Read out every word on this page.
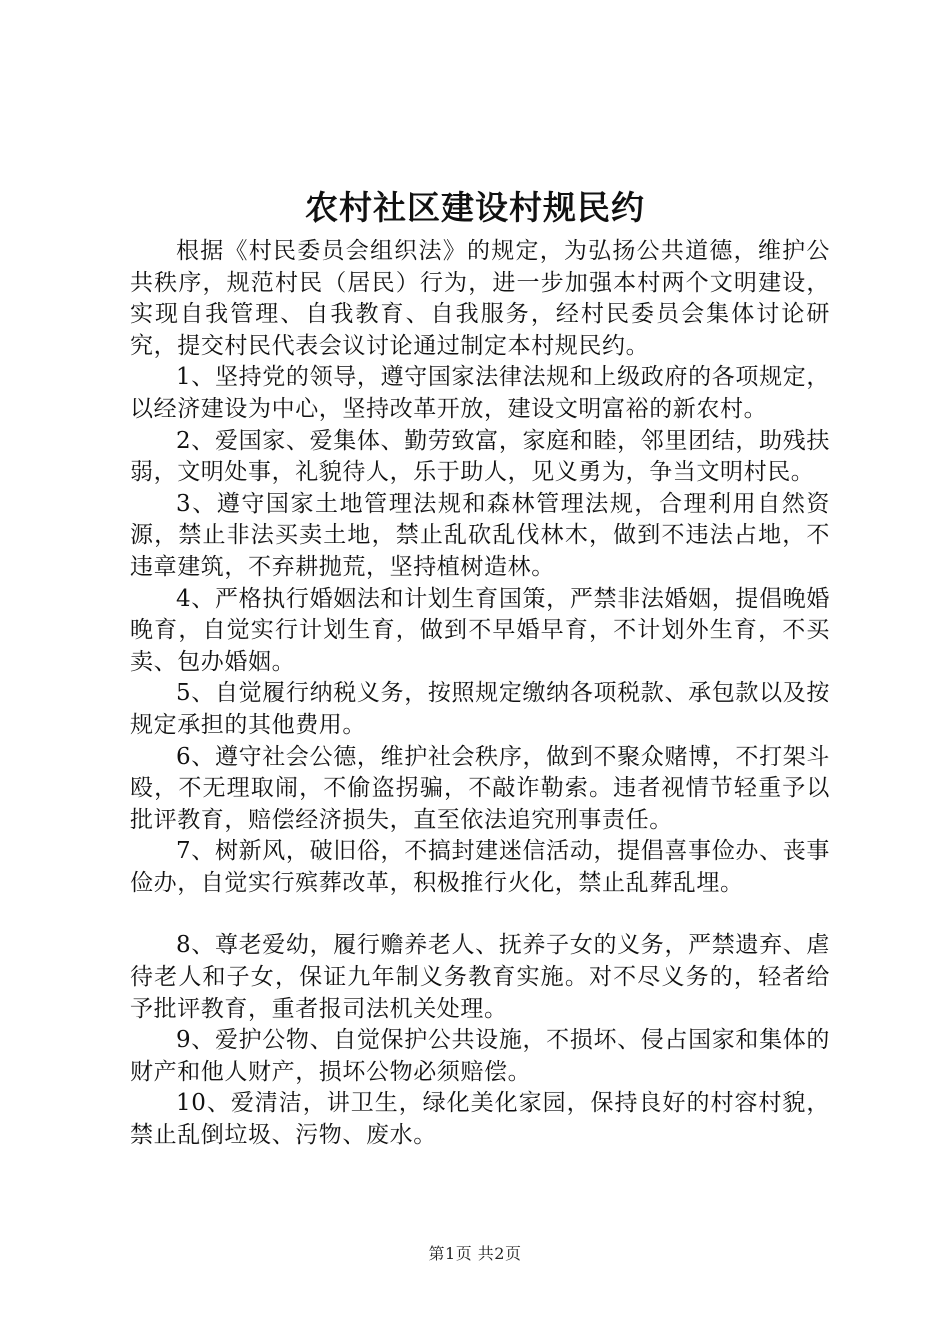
农村社区建设村规民约

根据《村民委员会组织法》的规定，为弘扬公共道德，维护公共秩序，规范村民（居民）行为，进一步加强本村两个文明建设，实现自我管理、自我教育、自我服务，经村民委员会集体讨论研究，提交村民代表会议讨论通过制定本村规民约。

1、坚持党的领导，遵守国家法律法规和上级政府的各项规定，以经济建设为中心，坚持改革开放，建设文明富裕的新农村。

2、爱国家、爱集体、勤劳致富，家庭和睦，邻里团结，助残扶弱，文明处事，礼貌待人，乐于助人，见义勇为，争当文明村民。

3、遵守国家土地管理法规和森林管理法规，合理利用自然资源，禁止非法买卖土地，禁止乱砍乱伐林木，做到不违法占地，不违章建筑，不弃耕抛荒，坚持植树造林。

4、严格执行婚姻法和计划生育国策，严禁非法婚姻，提倡晚婚晚育，自觉实行计划生育，做到不早婚早育，不计划外生育，不买卖、包办婚姻。

5、自觉履行纳税义务，按照规定缴纳各项税款、承包款以及按规定承担的其他费用。

6、遵守社会公德，维护社会秩序，做到不聚众赌博，不打架斗殴，不无理取闹，不偷盗拐骗，不敲诈勒索。违者视情节轻重予以批评教育，赔偿经济损失，直至依法追究刑事责任。

7、树新风，破旧俗，不搞封建迷信活动，提倡喜事俭办、丧事俭办，自觉实行殡葬改革，积极推行火化，禁止乱葬乱埋。

8、尊老爱幼，履行赡养老人、抚养子女的义务，严禁遗弃、虐待老人和子女，保证九年制义务教育实施。对不尽义务的，轻者给予批评教育，重者报司法机关处理。

9、爱护公物、自觉保护公共设施，不损坏、侵占国家和集体的财产和他人财产，损坏公物必须赔偿。

10、爱清洁，讲卫生，绿化美化家园，保持良好的村容村貌，禁止乱倒垃圾、污物、废水。

第1页 共2页
